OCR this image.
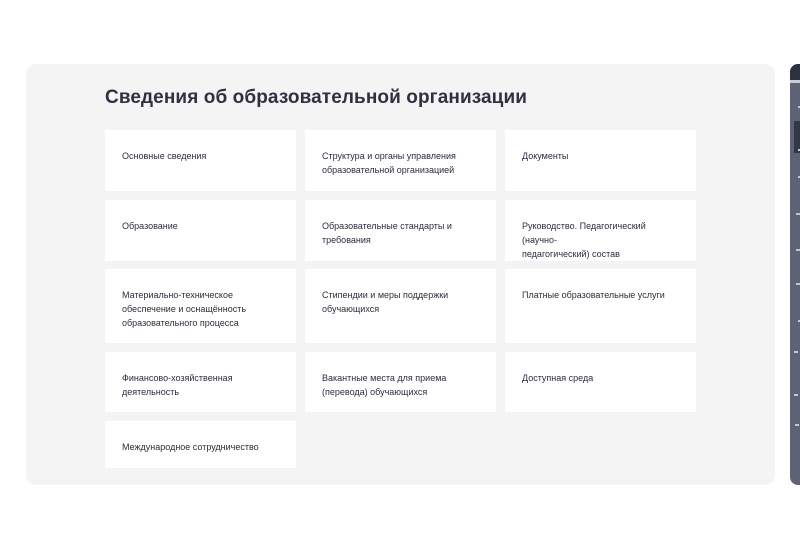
Сведения об образовательной организации
Основные сведения	Структура и органы управления
образовательной организацией
Документы
Образование	Образовательные стандарты и
требования
Руководство. Педагогический (научно-
педагогический) состав
Материально-техническое
обеспечение и оснащённость
образовательного процесса
Стипендии и меры поддержки
обучающихся
Платные образовательные услуги
Финансово-хозяйственная
деятельность
Вакантные места для приема
(перевода) обучающихся
Доступная среда
Международное сотрудничество
